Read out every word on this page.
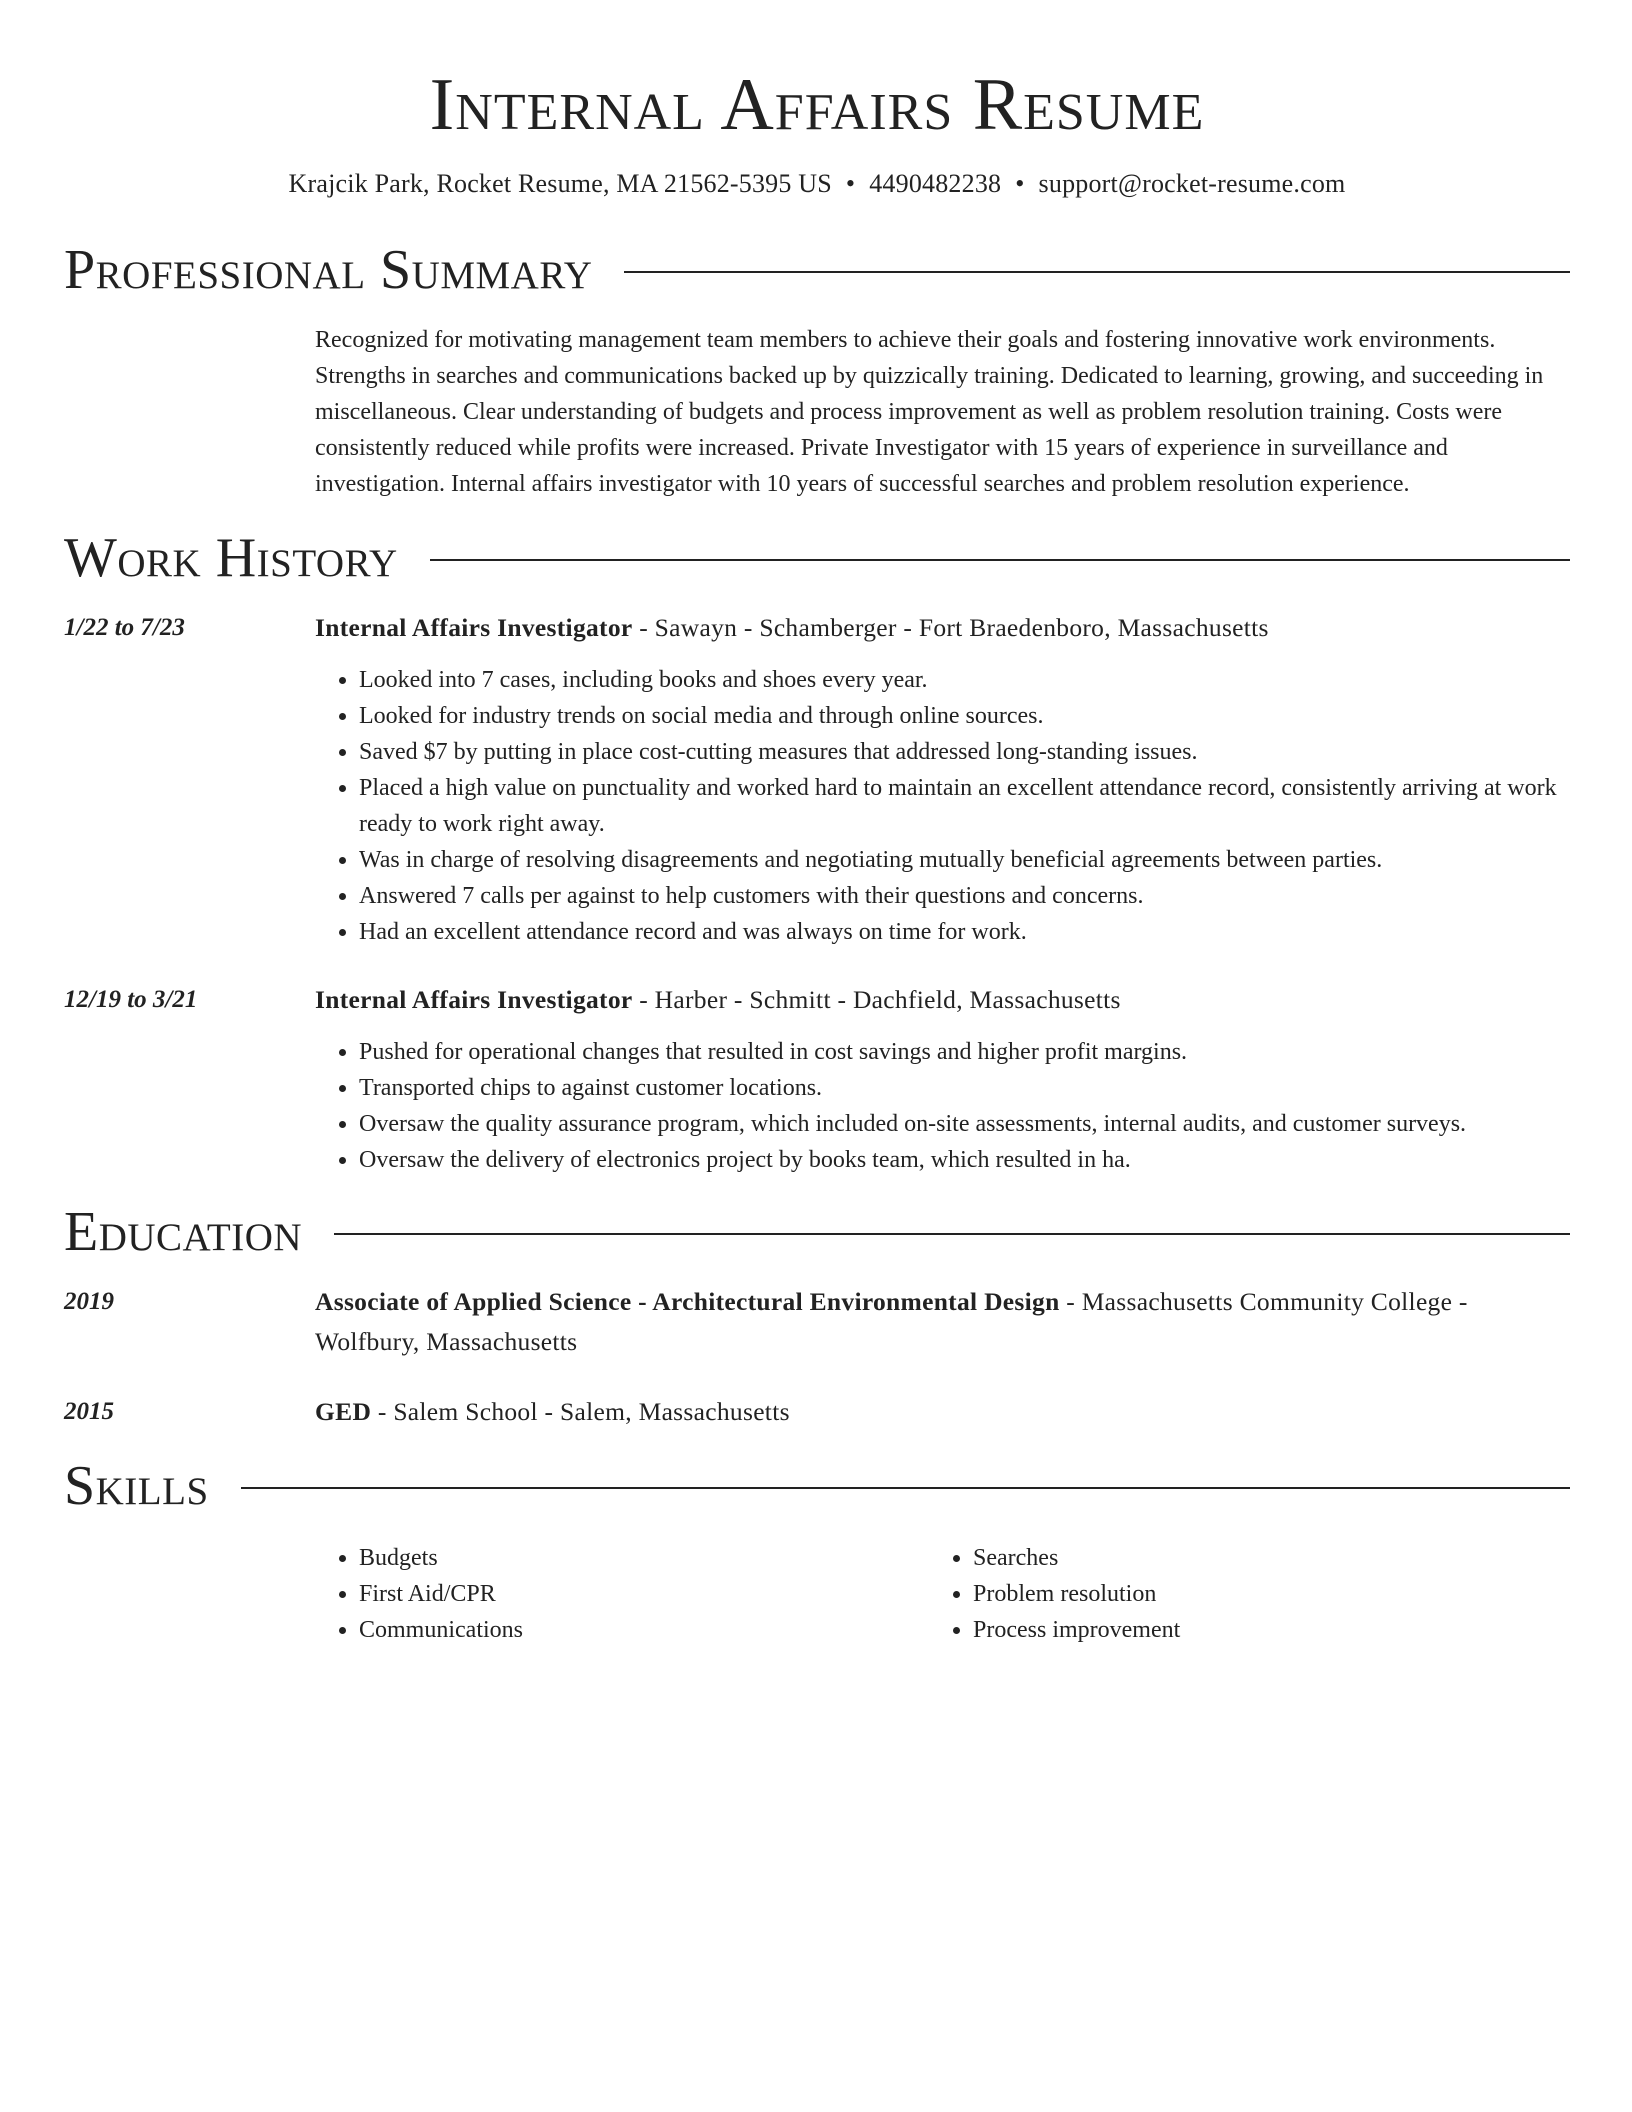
Internal Affairs Resume
Krajcik Park, Rocket Resume, MA 21562-5395 US • 4490482238 • support@rocket-resume.com
Professional Summary
Recognized for motivating management team members to achieve their goals and fostering innovative work environments. Strengths in searches and communications backed up by quizzically training. Dedicated to learning, growing, and succeeding in miscellaneous. Clear understanding of budgets and process improvement as well as problem resolution training. Costs were consistently reduced while profits were increased. Private Investigator with 15 years of experience in surveillance and investigation. Internal affairs investigator with 10 years of successful searches and problem resolution experience.
Work History
1/22 to 7/23	Internal Affairs Investigator - Sawayn - Schamberger - Fort Braedenboro, Massachusetts
• Looked into 7 cases, including books and shoes every year.
• Looked for industry trends on social media and through online sources.
• Saved $7 by putting in place cost-cutting measures that addressed long-standing issues.
• Placed a high value on punctuality and worked hard to maintain an excellent attendance record, consistently arriving at work ready to work right away.
• Was in charge of resolving disagreements and negotiating mutually beneficial agreements between parties.
• Answered 7 calls per against to help customers with their questions and concerns.
• Had an excellent attendance record and was always on time for work.
12/19 to 3/21	Internal Affairs Investigator - Harber - Schmitt - Dachfield, Massachusetts
• Pushed for operational changes that resulted in cost savings and higher profit margins.
• Transported chips to against customer locations.
• Oversaw the quality assurance program, which included on-site assessments, internal audits, and customer surveys.
• Oversaw the delivery of electronics project by books team, which resulted in ha.
Education
2019	Associate of Applied Science - Architectural Environmental Design - Massachusetts Community College - Wolfbury, Massachusetts
2015	GED - Salem School - Salem, Massachusetts
Skills
• Budgets
• First Aid/CPR
• Communications
• Searches
• Problem resolution
• Process improvement
